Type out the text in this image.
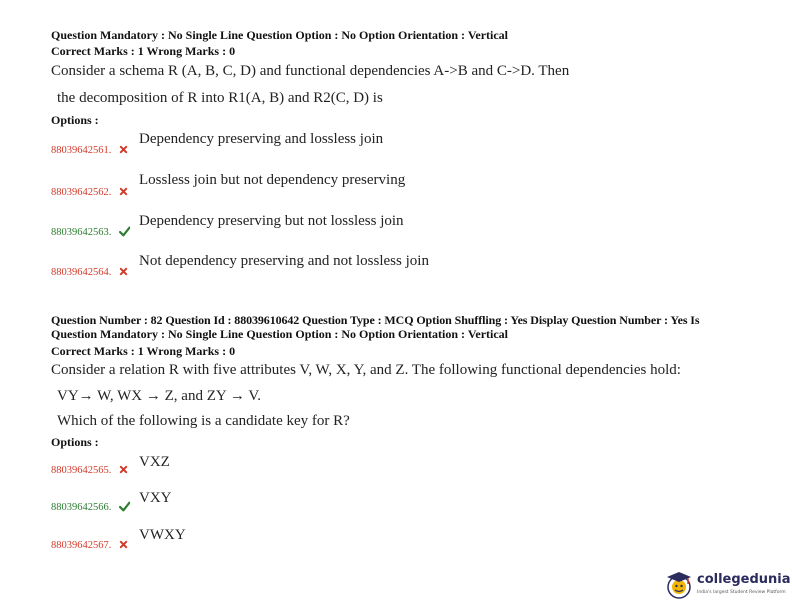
Question Mandatory : No Single Line Question Option : No Option Orientation : Vertical
Correct Marks : 1 Wrong Marks : 0
Consider a schema R (A, B, C, D) and functional dependencies A->B and C->D. Then
the decomposition of R into R1(A, B) and R2(C, D) is
Options :
88039642561.
Dependency preserving and lossless join
88039642562.
Lossless join but not dependency preserving
88039642563.
Dependency preserving but not lossless join
88039642564.
Not dependency preserving and not lossless join
Question Number : 82 Question Id : 88039610642 Question Type : MCQ Option Shuffling : Yes Display Question Number : Yes Is
Question Mandatory : No Single Line Question Option : No Option Orientation : Vertical
Correct Marks : 1 Wrong Marks : 0
Consider a relation R with five attributes V, W, X, Y, and Z. The following functional dependencies hold:
VY→ W, WX → Z, and ZY → V.
Which of the following is a candidate key for R?
Options :
88039642565.
VXZ
88039642566.
VXY
88039642567.
VWXY
collegedunia
India's largest Student Review Platform
